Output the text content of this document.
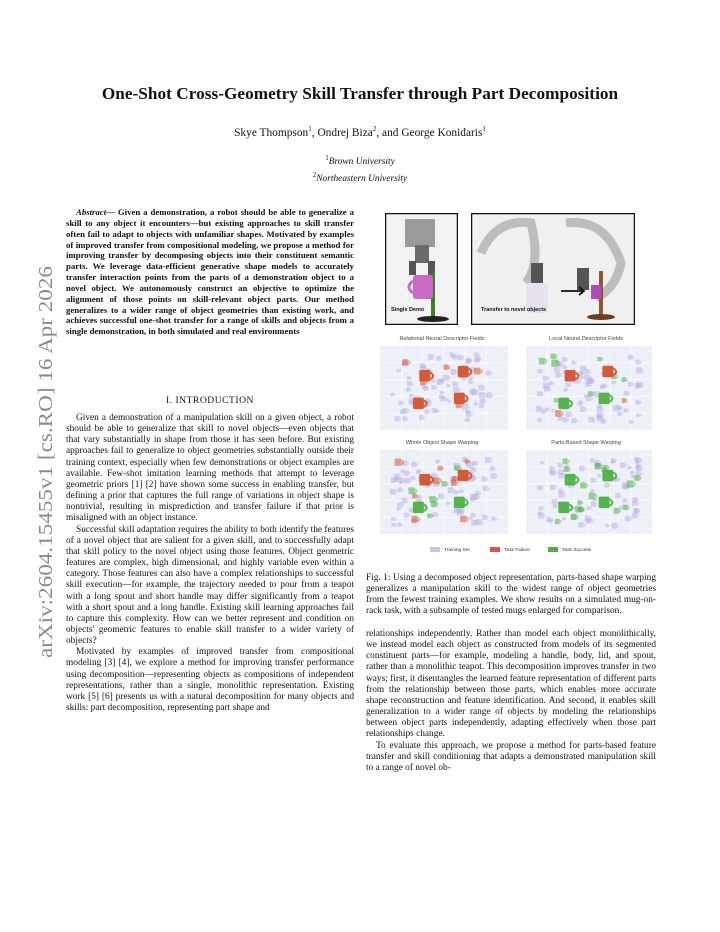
arXiv:2604.15455v1 [cs.RO] 16 Apr 2026
One-Shot Cross-Geometry Skill Transfer through Part Decomposition
Skye Thompson$^1$, Ondrej Biza$^2$, and George Konidaris$^1$
$^1$Brown University
$^2$Northeastern University

Abstract— Given a demonstration, a robot should be able to generalize a skill to any object it encounters—but existing approaches to skill transfer often fail to adapt to objects with unfamiliar shapes. Motivated by examples of improved transfer from compositional modeling, we propose a method for improving transfer by decomposing objects into their constituent semantic parts. We leverage data-efficient generative shape models to accurately transfer interaction points from the parts of a demonstration object to a novel object. We autonomously construct an objective to optimize the alignment of those points on skill-relevant object parts. Our method generalizes to a wider range of object geometries than existing work, and achieves successful one-shot transfer for a range of skills and objects from a single demonstration, in both simulated and real environments

I. INTRODUCTION

Given a demonstration of a manipulation skill on a given object, a robot should be able to generalize that skill to novel objects—even objects that that vary substantially in shape from those it has seen before. But existing approaches fail to generalize to object geometries substantially outside their training context, especially when few demonstrations or object examples are available. Few-shot imitation learning methods that attempt to leverage geometric priors [1] [2] have shown some success in enabling transfer, but defining a prior that captures the full range of variations in object shape is nontrivial, resulting in misprediction and transfer failure if that prior is misaligned with an object instance.

Successful skill adaptation requires the ability to both identify the features of a novel object that are salient for a given skill, and to successfully adapt that skill policy to the novel object using those features. Object geometric features are complex, high dimensional, and highly variable even within a category. Those features can also have a complex relationships to successful skill execution—for example, the trajectory needed to pour from a teapot with a long spout and short handle may differ significantly from a teapot with a short spout and a long handle. Existing skill learning approaches fail to capture this complexity. How can we better represent and condition on objects' geometric features to enable skill transfer to a wider variety of objects?

Motivated by examples of improved transfer from compositional modeling [3] [4], we explore a method for improving transfer performance using decomposition—representing objects as compositions of independent representations, rather than a single, monolithic representation. Existing work [5] [6] presents us with a natural decomposition for many objects and skills: part decomposition, representing part shape and

Single Demo	Transfer to novel objects
Relational Neural Descriptor Fields	Local Neural Descriptor Fields
Whole Object Shape Warping	Parts-Based Shape Warping
Training Set	Task Failure	Task Success
Fig. 1: Using a decomposed object representation, parts-based shape warping generalizes a manipulation skill to the widest range of object geometries from the fewest training examples. We show results on a simulated mug-on-rack task, with a subsample of tested mugs enlarged for comparison.

relationships independently. Rather than model each object monolithically, we instead model each object as constructed from models of its segmented constituent parts—for example, modeling a handle, body, lid, and spout, rather than a monolithic teapot. This decomposition improves transfer in two ways; first, it disentangles the learned feature representation of different parts from the relationship between those parts, which enables more accurate shape reconstruction and feature identification. And second, it enables skill generalization to a wider range of objects by modeling the relationships between object parts independently, adapting effectively when those part relationships change.

To evaluate this approach, we propose a method for parts-based feature transfer and skill conditioning that adapts a demonstrated manipulation skill to a range of novel ob-
